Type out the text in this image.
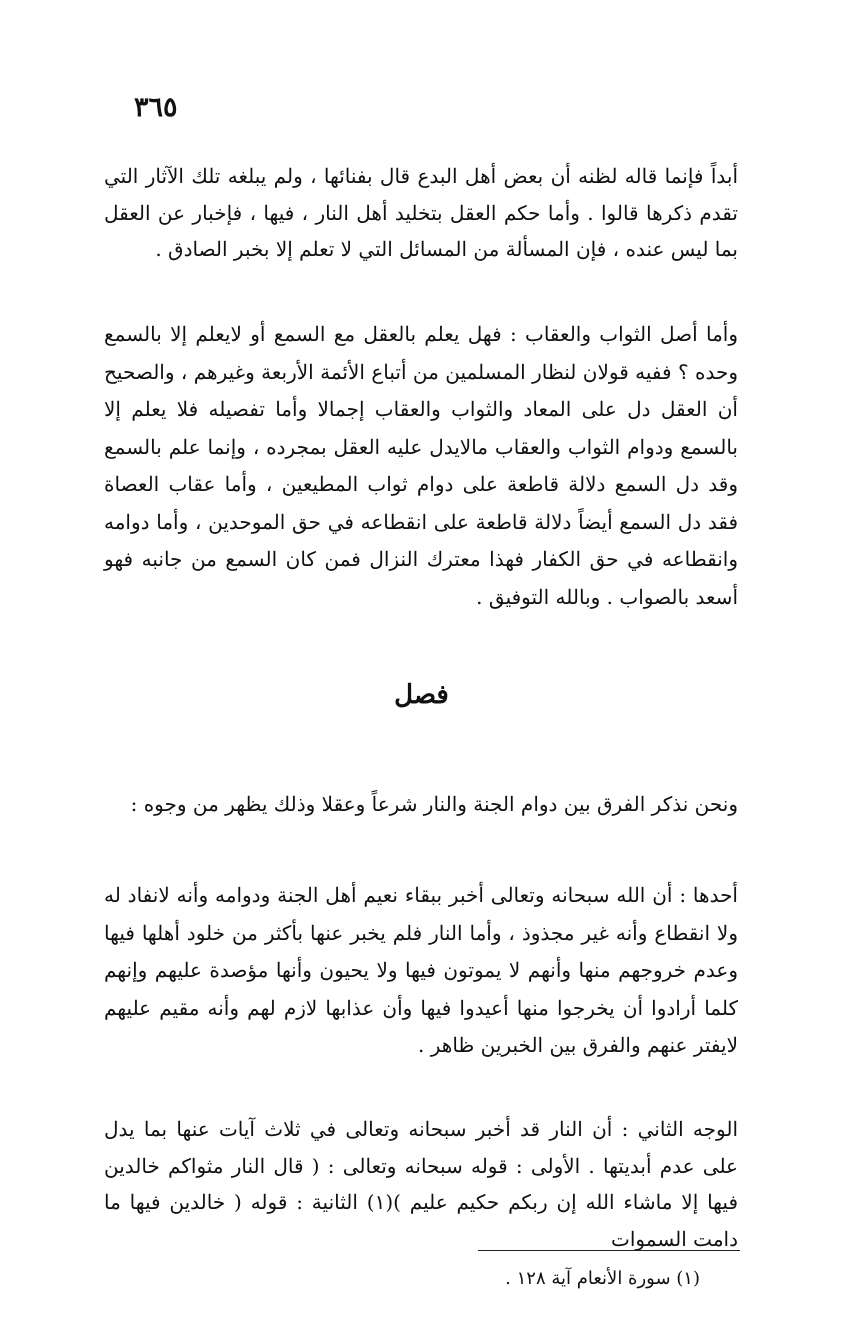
٣٦٥

أبداً فإنما قاله لظنه أن بعض أهل البدع قال بفنائها ، ولم يبلغه تلك الآثار التي تقدم ذكرها قالوا . وأما حكم العقل بتخليد أهل النار ، فيها ، فإخبار عن العقل بما ليس عنده ، فإن المسألة من المسائل التي لا تعلم إلا بخبر الصادق .

وأما أصل الثواب والعقاب : فهل يعلم بالعقل مع السمع أو لايعلم إلا بالسمع وحده ؟ ففيه قولان لنظار المسلمين من أتباع الأئمة الأربعة وغيرهم ، والصحيح أن العقل دل على المعاد والثواب والعقاب إجمالا وأما تفصيله فلا يعلم إلا بالسمع ودوام الثواب والعقاب مالايدل عليه العقل بمجرده ، وإنما علم بالسمع وقد دل السمع دلالة قاطعة على دوام ثواب المطيعين ، وأما عقاب العصاة فقد دل السمع أيضاً دلالة قاطعة على انقطاعه في حق الموحدين ، وأما دوامه وانقطاعه في حق الكفار فهذا معترك النزال فمن كان السمع من جانبه فهو أسعد بالصواب . وبالله التوفيق .

فصل

ونحن نذكر الفرق بين دوام الجنة والنار شرعاً وعقلا وذلك يظهر من وجوه :

أحدها : أن الله سبحانه وتعالى أخبر ببقاء نعيم أهل الجنة ودوامه وأنه لانفاد له ولا انقطاع وأنه غير مجذوذ ، وأما النار فلم يخبر عنها بأكثر من خلود أهلها فيها وعدم خروجهم منها وأنهم لا يموتون فيها ولا يحيون وأنها مؤصدة عليهم وإنهم كلما أرادوا أن يخرجوا منها أعيدوا فيها وأن عذابها لازم لهم وأنه مقيم عليهم لايفتر عنهم والفرق بين الخبرين ظاهر .

الوجه الثاني : أن النار قد أخبر سبحانه وتعالى في ثلاث آيات عنها بما يدل على عدم أبديتها . الأولى : قوله سبحانه وتعالى : ( قال النار مثواكم خالدين فيها إلا ماشاء الله إن ربكم حكيم عليم )(١) الثانية : قوله ( خالدين فيها ما دامت السموات

(١) سورة الأنعام آية ١٢٨ .
